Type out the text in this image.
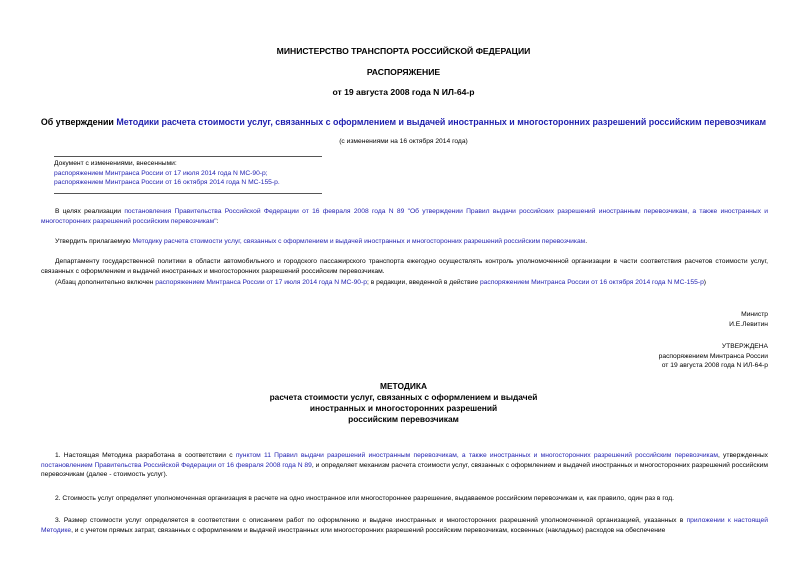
МИНИСТЕРСТВО ТРАНСПОРТА РОССИЙСКОЙ ФЕДЕРАЦИИ
РАСПОРЯЖЕНИЕ
от 19 августа 2008 года N ИЛ-64-р
Об утверждении Методики расчета стоимости услуг, связанных с оформлением и выдачей иностранных и многосторонних разрешений российским перевозчикам
(с изменениями на 16 октября 2014 года)
Документ с изменениями, внесенными:
распоряжением Минтранса России от 17 июля 2014 года N МС-90-р;
распоряжением Минтранса России от 16 октября 2014 года N МС-155-р.
В целях реализации постановления Правительства Российской Федерации от 16 февраля 2008 года N 89 "Об утверждении Правил выдачи российских разрешений иностранным перевозчикам, а также иностранных и многосторонних разрешений российским перевозчикам":
Утвердить прилагаемую Методику расчета стоимости услуг, связанных с оформлением и выдачей иностранных и многосторонних разрешений российским перевозчикам.
Департаменту государственной политики в области автомобильного и городского пассажирского транспорта ежегодно осуществлять контроль уполномоченной организации в части соответствия расчетов стоимости услуг, связанных с оформлением и выдачей иностранных и многосторонних разрешений российским перевозчикам.
(Абзац дополнительно включен распоряжением Минтранса России от 17 июля 2014 года N МС-90-р; в редакции, введенной в действие распоряжением Минтранса России от 16 октября 2014 года N МС-155-р)
Министр
И.Е.Левитин
УТВЕРЖДЕНА
распоряжением Минтранса России
от 19 августа 2008 года N ИЛ-64-р
МЕТОДИКА
расчета стоимости услуг, связанных с оформлением и выдачей
иностранных и многосторонних разрешений
российским перевозчикам
1. Настоящая Методика разработана в соответствии с пунктом 11 Правил выдачи разрешений иностранным перевозчикам, а также иностранных и многосторонних разрешений российским перевозчикам, утвержденных постановлением Правительства Российской Федерации от 16 февраля 2008 года N 89, и определяет механизм расчета стоимости услуг, связанных с оформлением и выдачей иностранных и многосторонних разрешений российским перевозчикам (далее - стоимость услуг).
2. Стоимость услуг определяет уполномоченная организация в расчете на одно иностранное или многостороннее разрешение, выдаваемое российским перевозчикам и, как правило, один раз в год.
3. Размер стоимости услуг определяется в соответствии с описанием работ по оформлению и выдаче иностранных и многосторонних разрешений уполномоченной организацией, указанных в приложении к настоящей Методике, и с учетом прямых затрат, связанных с оформлением и выдачей иностранных или многосторонних разрешений российским перевозчикам, косвенных (накладных) расходов на обеспечение
